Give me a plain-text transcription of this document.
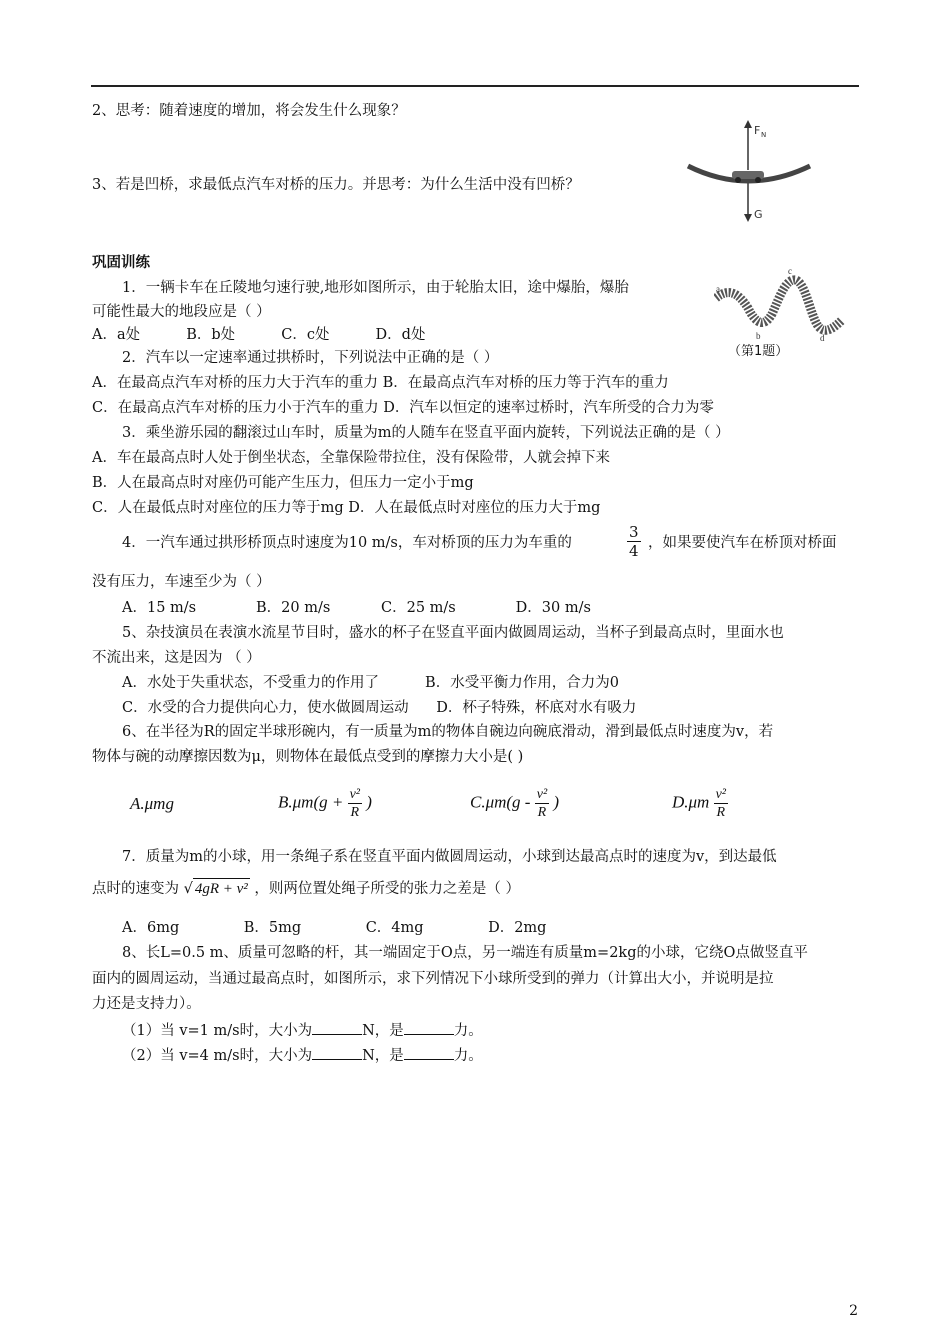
2、思考：随着速度的增加，将会发生什么现象？
3、若是凹桥，求最低点汽车对桥的压力。并思考：为什么生活中没有凹桥？
F N
G
巩固训练
1．一辆卡车在丘陵地匀速行驶,地形如图所示，由于轮胎太旧，途中爆胎，爆胎
可能性最大的地段应是（ ）
A．a处          B．b处          C．c处          D．d处
a
b
c
d
（第1题）
2．汽车以一定速率通过拱桥时，下列说法中正确的是（ ）
A．在最高点汽车对桥的压力大于汽车的重力 B．在最高点汽车对桥的压力等于汽车的重力
C．在最高点汽车对桥的压力小于汽车的重力 D．汽车以恒定的速率过桥时，汽车所受的合力为零
3．乘坐游乐园的翻滚过山车时，质量为m的人随车在竖直平面内旋转，下列说法正确的是（ ）
A．车在最高点时人处于倒坐状态，全靠保险带拉住，没有保险带，人就会掉下来
B．人在最高点时对座仍可能产生压力，但压力一定小于mg
C．人在最低点时对座位的压力等于mg D．人在最低点时对座位的压力大于mg
4．一汽车通过拱形桥顶点时速度为10 m/s，车对桥顶的压力为车重的	$\frac{3}{4}$ ，如果要使汽车在桥顶对桥面
没有压力，车速至少为（ ）
A．15 m/s             B．20 m/s           C．25 m/s             D．30 m/s
5、杂技演员在表演水流星节目时，盛水的杯子在竖直平面内做圆周运动，当杯子到最高点时，里面水也
不流出来，这是因为 （ ）
A．水处于失重状态，不受重力的作用了          B．水受平衡力作用，合力为0
C．水受的合力提供向心力，使水做圆周运动      D．杯子特殊，杯底对水有吸力
6、在半径为R的固定半球形碗内，有一质量为m的物体自碗边向碗底滑动，滑到最低点时速度为v，若
物体与碗的动摩擦因数为μ，则物体在最低点受到的摩擦力大小是( )
A.μmg	$B.\mu m(g + \frac{\text{v²}}{R}$ )	$C.\mu m(g - \frac{\text{v²}}{R}$ )	$D.\mu m \frac{\text{v²}}{R}$
7．质量为m的小球，用一条绳子系在竖直平面内做圆周运动，小球到达最高点时的速度为v，到达最低
点时的速变为 √ 4gR + v² ，则两位置处绳子所受的张力之差是（ ）
A．6mg              B．5mg              C．4mg              D．2mg
8、长L=0.5 m、质量可忽略的杆，其一端固定于O点，另一端连有质量m=2kg的小球，它绕O点做竖直平
面内的圆周运动，当通过最高点时，如图所示，求下列情况下小球所受到的弹力（计算出大小，并说明是拉
力还是支持力）。
（1）当 v=1 m/s时，大小为	N，是	力。
（2）当 v=4 m/s时，大小为	N，是	力。
2
